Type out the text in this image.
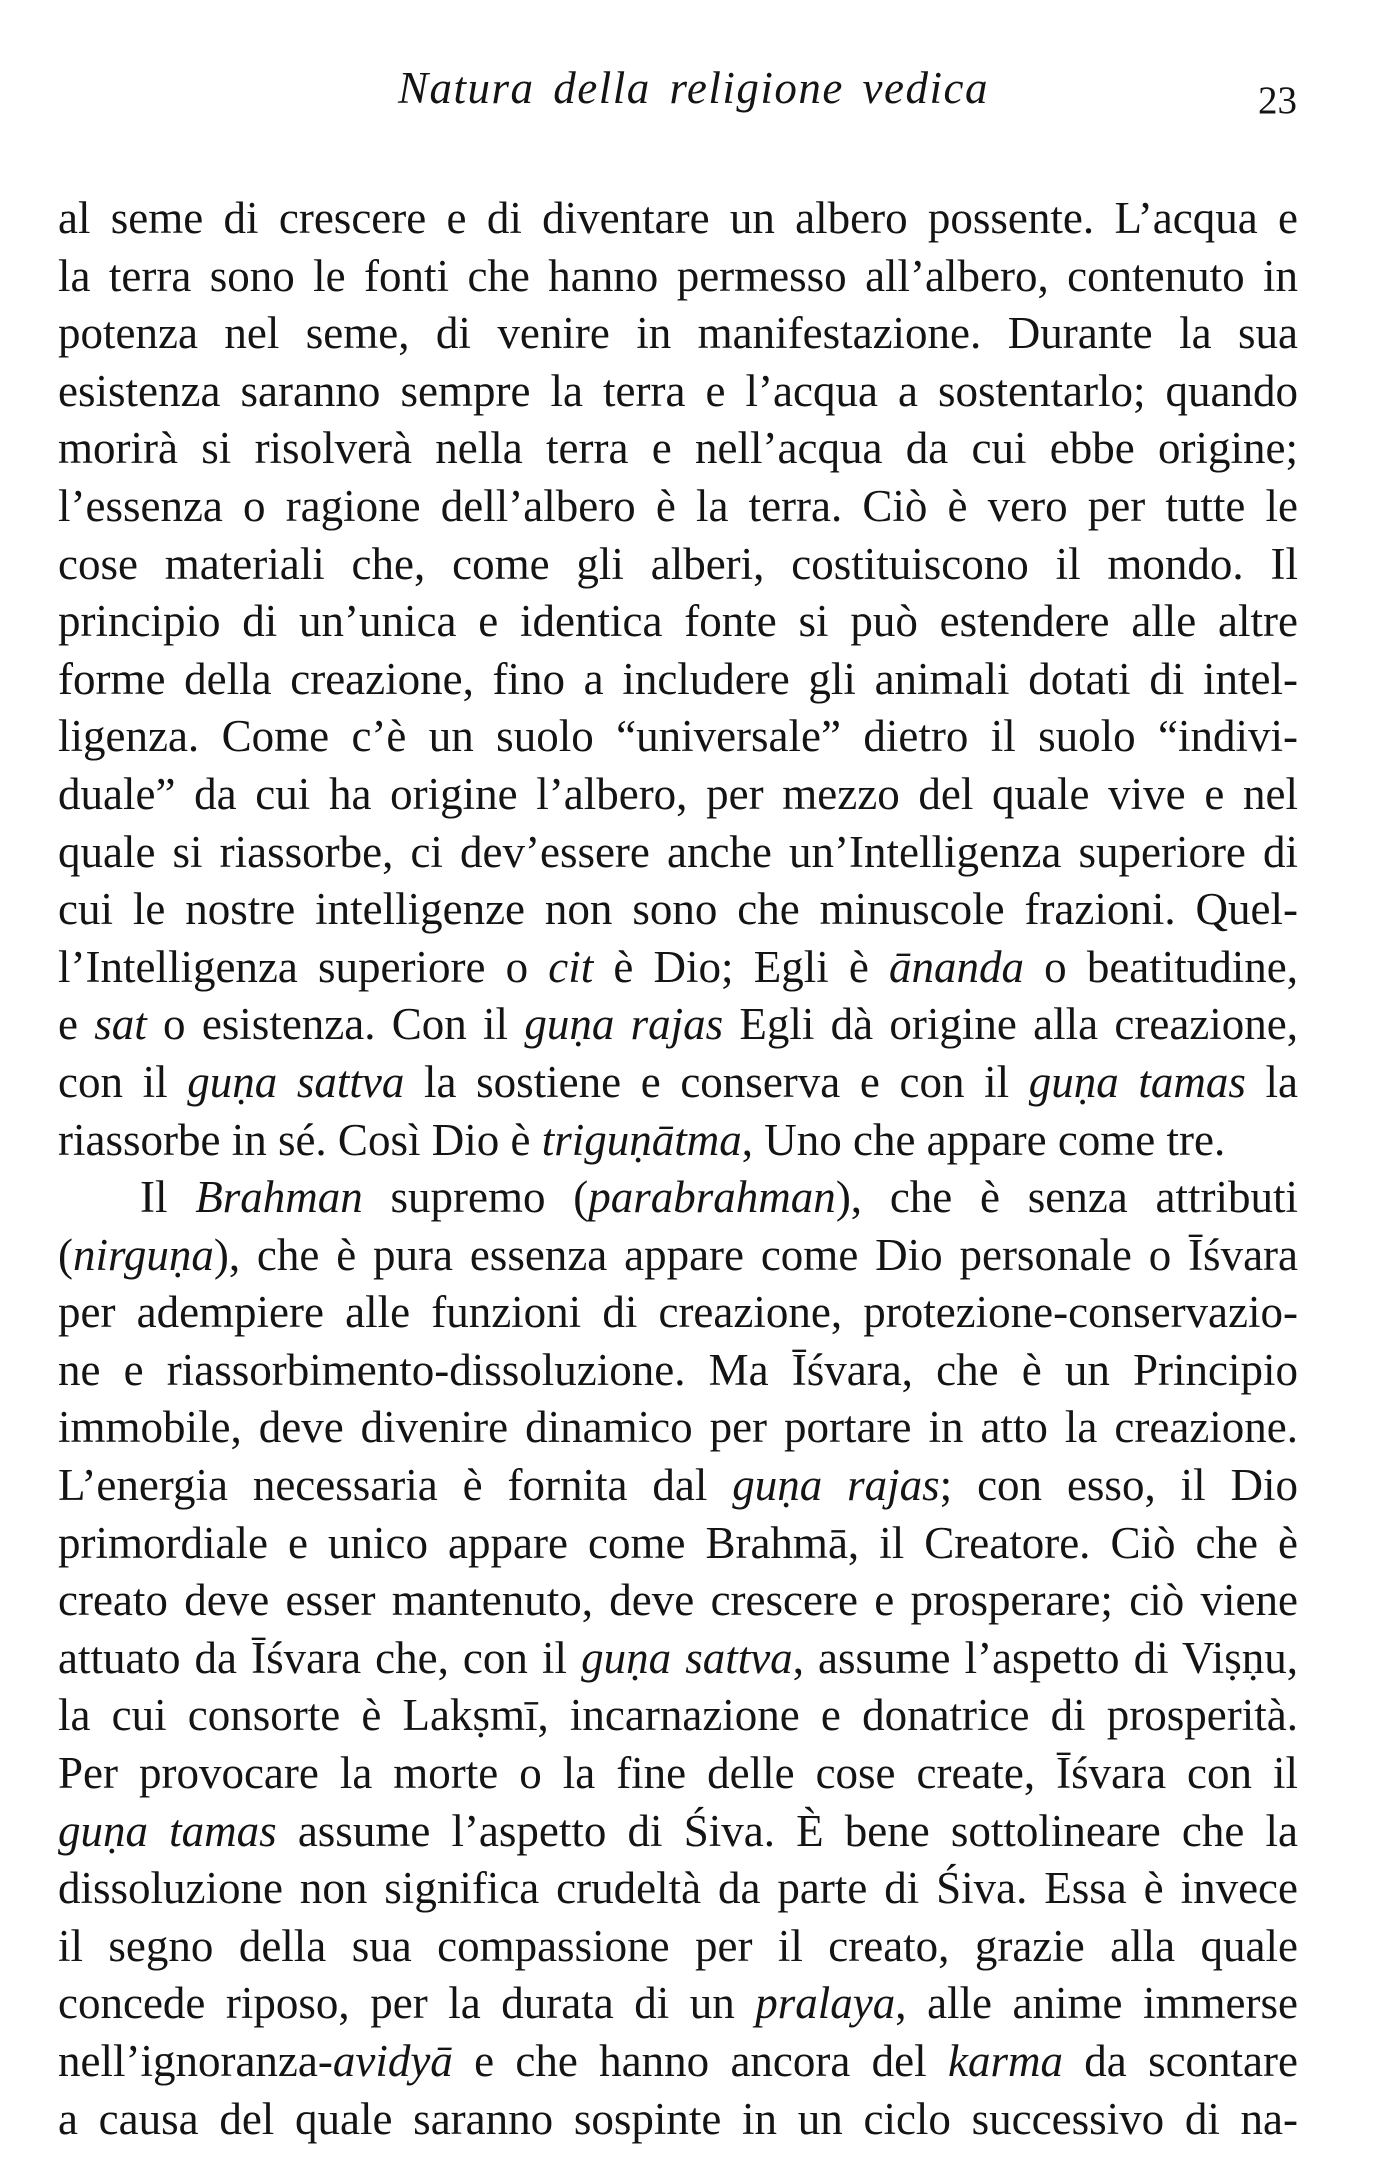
Natura della religione vedica	23
al seme di crescere e di diventare un albero possente. L’acqua e
la terra sono le fonti che hanno permesso all’albero, contenuto in
potenza nel seme, di venire in manifestazione. Durante la sua
esistenza saranno sempre la terra e l’acqua a sostentarlo; quando
morirà si risolverà nella terra e nell’acqua da cui ebbe origine;
l’essenza o ragione dell’albero è la terra. Ciò è vero per tutte le
cose materiali che, come gli alberi, costituiscono il mondo. Il
principio di un’unica e identica fonte si può estendere alle altre
forme della creazione, fino a includere gli animali dotati di intel-
ligenza. Come c’è un suolo “universale” dietro il suolo “indivi-
duale” da cui ha origine l’albero, per mezzo del quale vive e nel
quale si riassorbe, ci dev’essere anche un’Intelligenza superiore di
cui le nostre intelligenze non sono che minuscole frazioni. Quel-
l’Intelligenza superiore o cit è Dio; Egli è ānanda o beatitudine,
e sat o esistenza. Con il guṇa rajas Egli dà origine alla creazione,
con il guṇa sattva la sostiene e conserva e con il guṇa tamas la
riassorbe in sé. Così Dio è triguṇātma, Uno che appare come tre.
Il Brahman supremo (parabrahman), che è senza attributi
(nirguṇa), che è pura essenza appare come Dio personale o Īśvara
per adempiere alle funzioni di creazione, protezione-conservazio-
ne e riassorbimento-dissoluzione. Ma Īśvara, che è un Principio
immobile, deve divenire dinamico per portare in atto la creazione.
L’energia necessaria è fornita dal guṇa rajas; con esso, il Dio
primordiale e unico appare come Brahmā, il Creatore. Ciò che è
creato deve esser mantenuto, deve crescere e prosperare; ciò viene
attuato da Īśvara che, con il guṇa sattva, assume l’aspetto di Viṣṇu,
la cui consorte è Lakṣmī, incarnazione e donatrice di prosperità.
Per provocare la morte o la fine delle cose create, Īśvara con il
guṇa tamas assume l’aspetto di Śiva. È bene sottolineare che la
dissoluzione non significa crudeltà da parte di Śiva. Essa è invece
il segno della sua compassione per il creato, grazie alla quale
concede riposo, per la durata di un pralaya, alle anime immerse
nell’ignoranza-avidyā e che hanno ancora del karma da scontare
a causa del quale saranno sospinte in un ciclo successivo di na-
